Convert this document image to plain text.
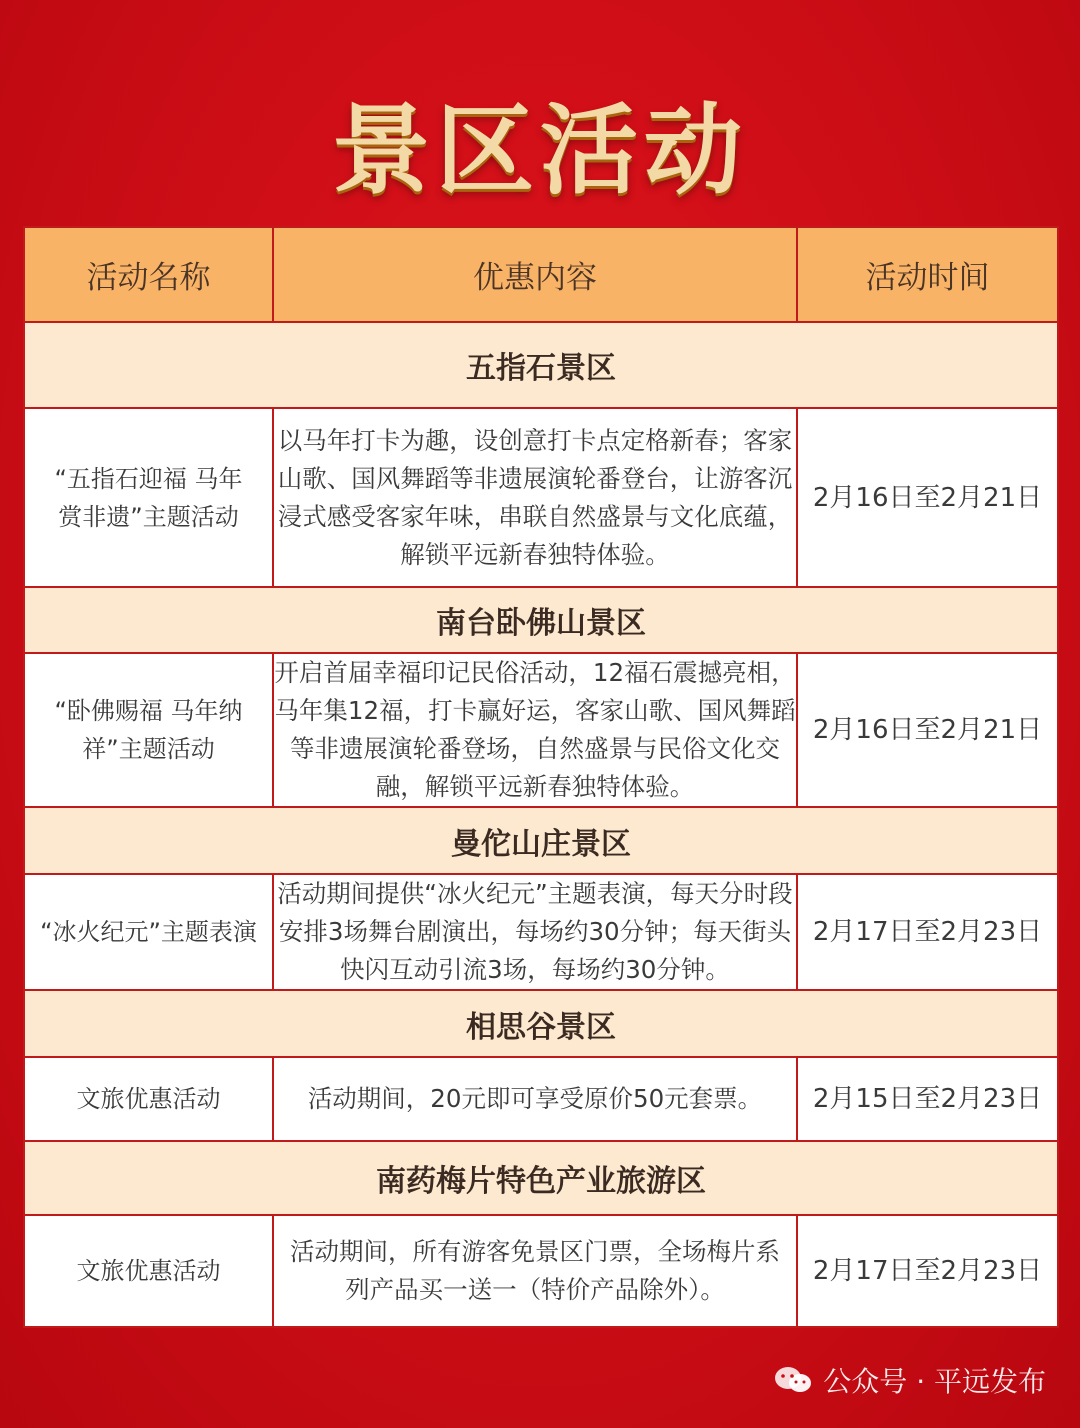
景区活动
活动名称	优惠内容	活动时间
五指石景区		
“五指石迎福 马年赏非遗”主题活动	以马年打卡为趣，设创意打卡点定格新春；客家山歌、国风舞蹈等非遗展演轮番登台，让游客沉浸式感受客家年味，串联自然盛景与文化底蕴，解锁平远新春独特体验。	2月16日至2月21日
南台卧佛山景区		
“卧佛赐福 马年纳祥”主题活动	开启首届幸福印记民俗活动，12福石震撼亮相，马年集12福，打卡赢好运，客家山歌、国风舞蹈等非遗展演轮番登场，自然盛景与民俗文化交融，解锁平远新春独特体验。	2月16日至2月21日
曼佗山庄景区		
“冰火纪元”主题表演	活动期间提供“冰火纪元”主题表演，每天分时段安排3场舞台剧演出，每场约30分钟；每天街头快闪互动引流3场，每场约30分钟。	2月17日至2月23日
相思谷景区		
文旅优惠活动	活动期间，20元即可享受原价50元套票。	2月15日至2月23日
南药梅片特色产业旅游区		
文旅优惠活动	活动期间，所有游客免景区门票，全场梅片系列产品买一送一（特价产品除外）。	2月17日至2月23日
公众号 · 平远发布
